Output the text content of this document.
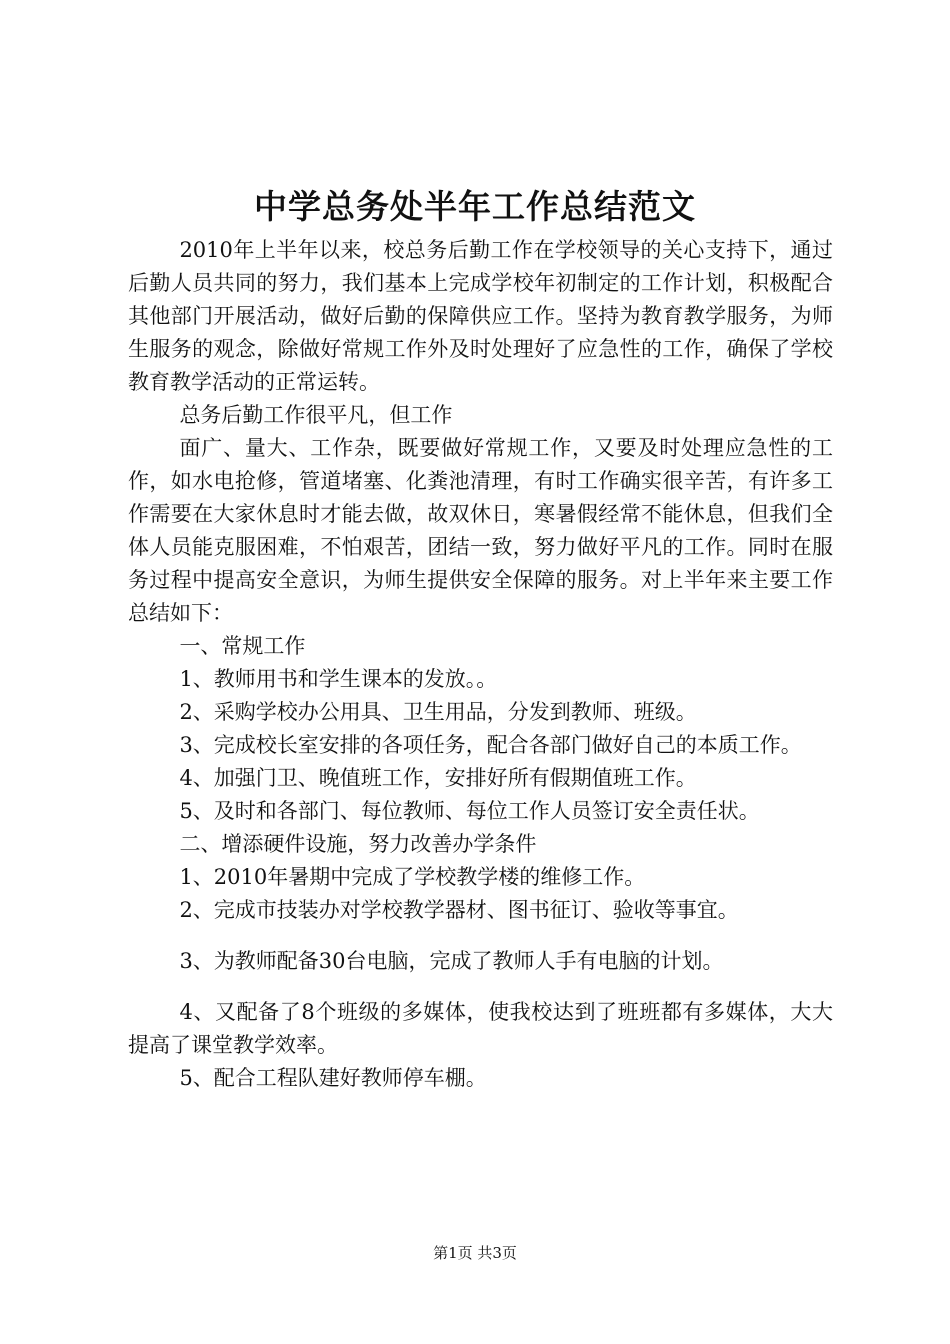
中学总务处半年工作总结范文

2010年上半年以来，校总务后勤工作在学校领导的关心支持下，通过后勤人员共同的努力，我们基本上完成学校年初制定的工作计划，积极配合其他部门开展活动，做好后勤的保障供应工作。坚持为教育教学服务，为师生服务的观念，除做好常规工作外及时处理好了应急性的工作，确保了学校教育教学活动的正常运转。

总务后勤工作很平凡，但工作

面广、量大、工作杂，既要做好常规工作，又要及时处理应急性的工作，如水电抢修，管道堵塞、化粪池清理，有时工作确实很辛苦，有许多工作需要在大家休息时才能去做，故双休日，寒暑假经常不能休息，但我们全体人员能克服困难，不怕艰苦，团结一致，努力做好平凡的工作。同时在服务过程中提高安全意识，为师生提供安全保障的服务。对上半年来主要工作总结如下：

一、常规工作

1、教师用书和学生课本的发放。。

2、采购学校办公用具、卫生用品，分发到教师、班级。

3、完成校长室安排的各项任务，配合各部门做好自己的本质工作。

4、加强门卫、晚值班工作，安排好所有假期值班工作。

5、及时和各部门、每位教师、每位工作人员签订安全责任状。

二、增添硬件设施，努力改善办学条件

1、2010年暑期中完成了学校教学楼的维修工作。

2、完成市技装办对学校教学器材、图书征订、验收等事宜。

3、为教师配备30台电脑，完成了教师人手有电脑的计划。

4、又配备了8个班级的多媒体，使我校达到了班班都有多媒体，大大提高了课堂教学效率。

5、配合工程队建好教师停车棚。

第1页 共3页
